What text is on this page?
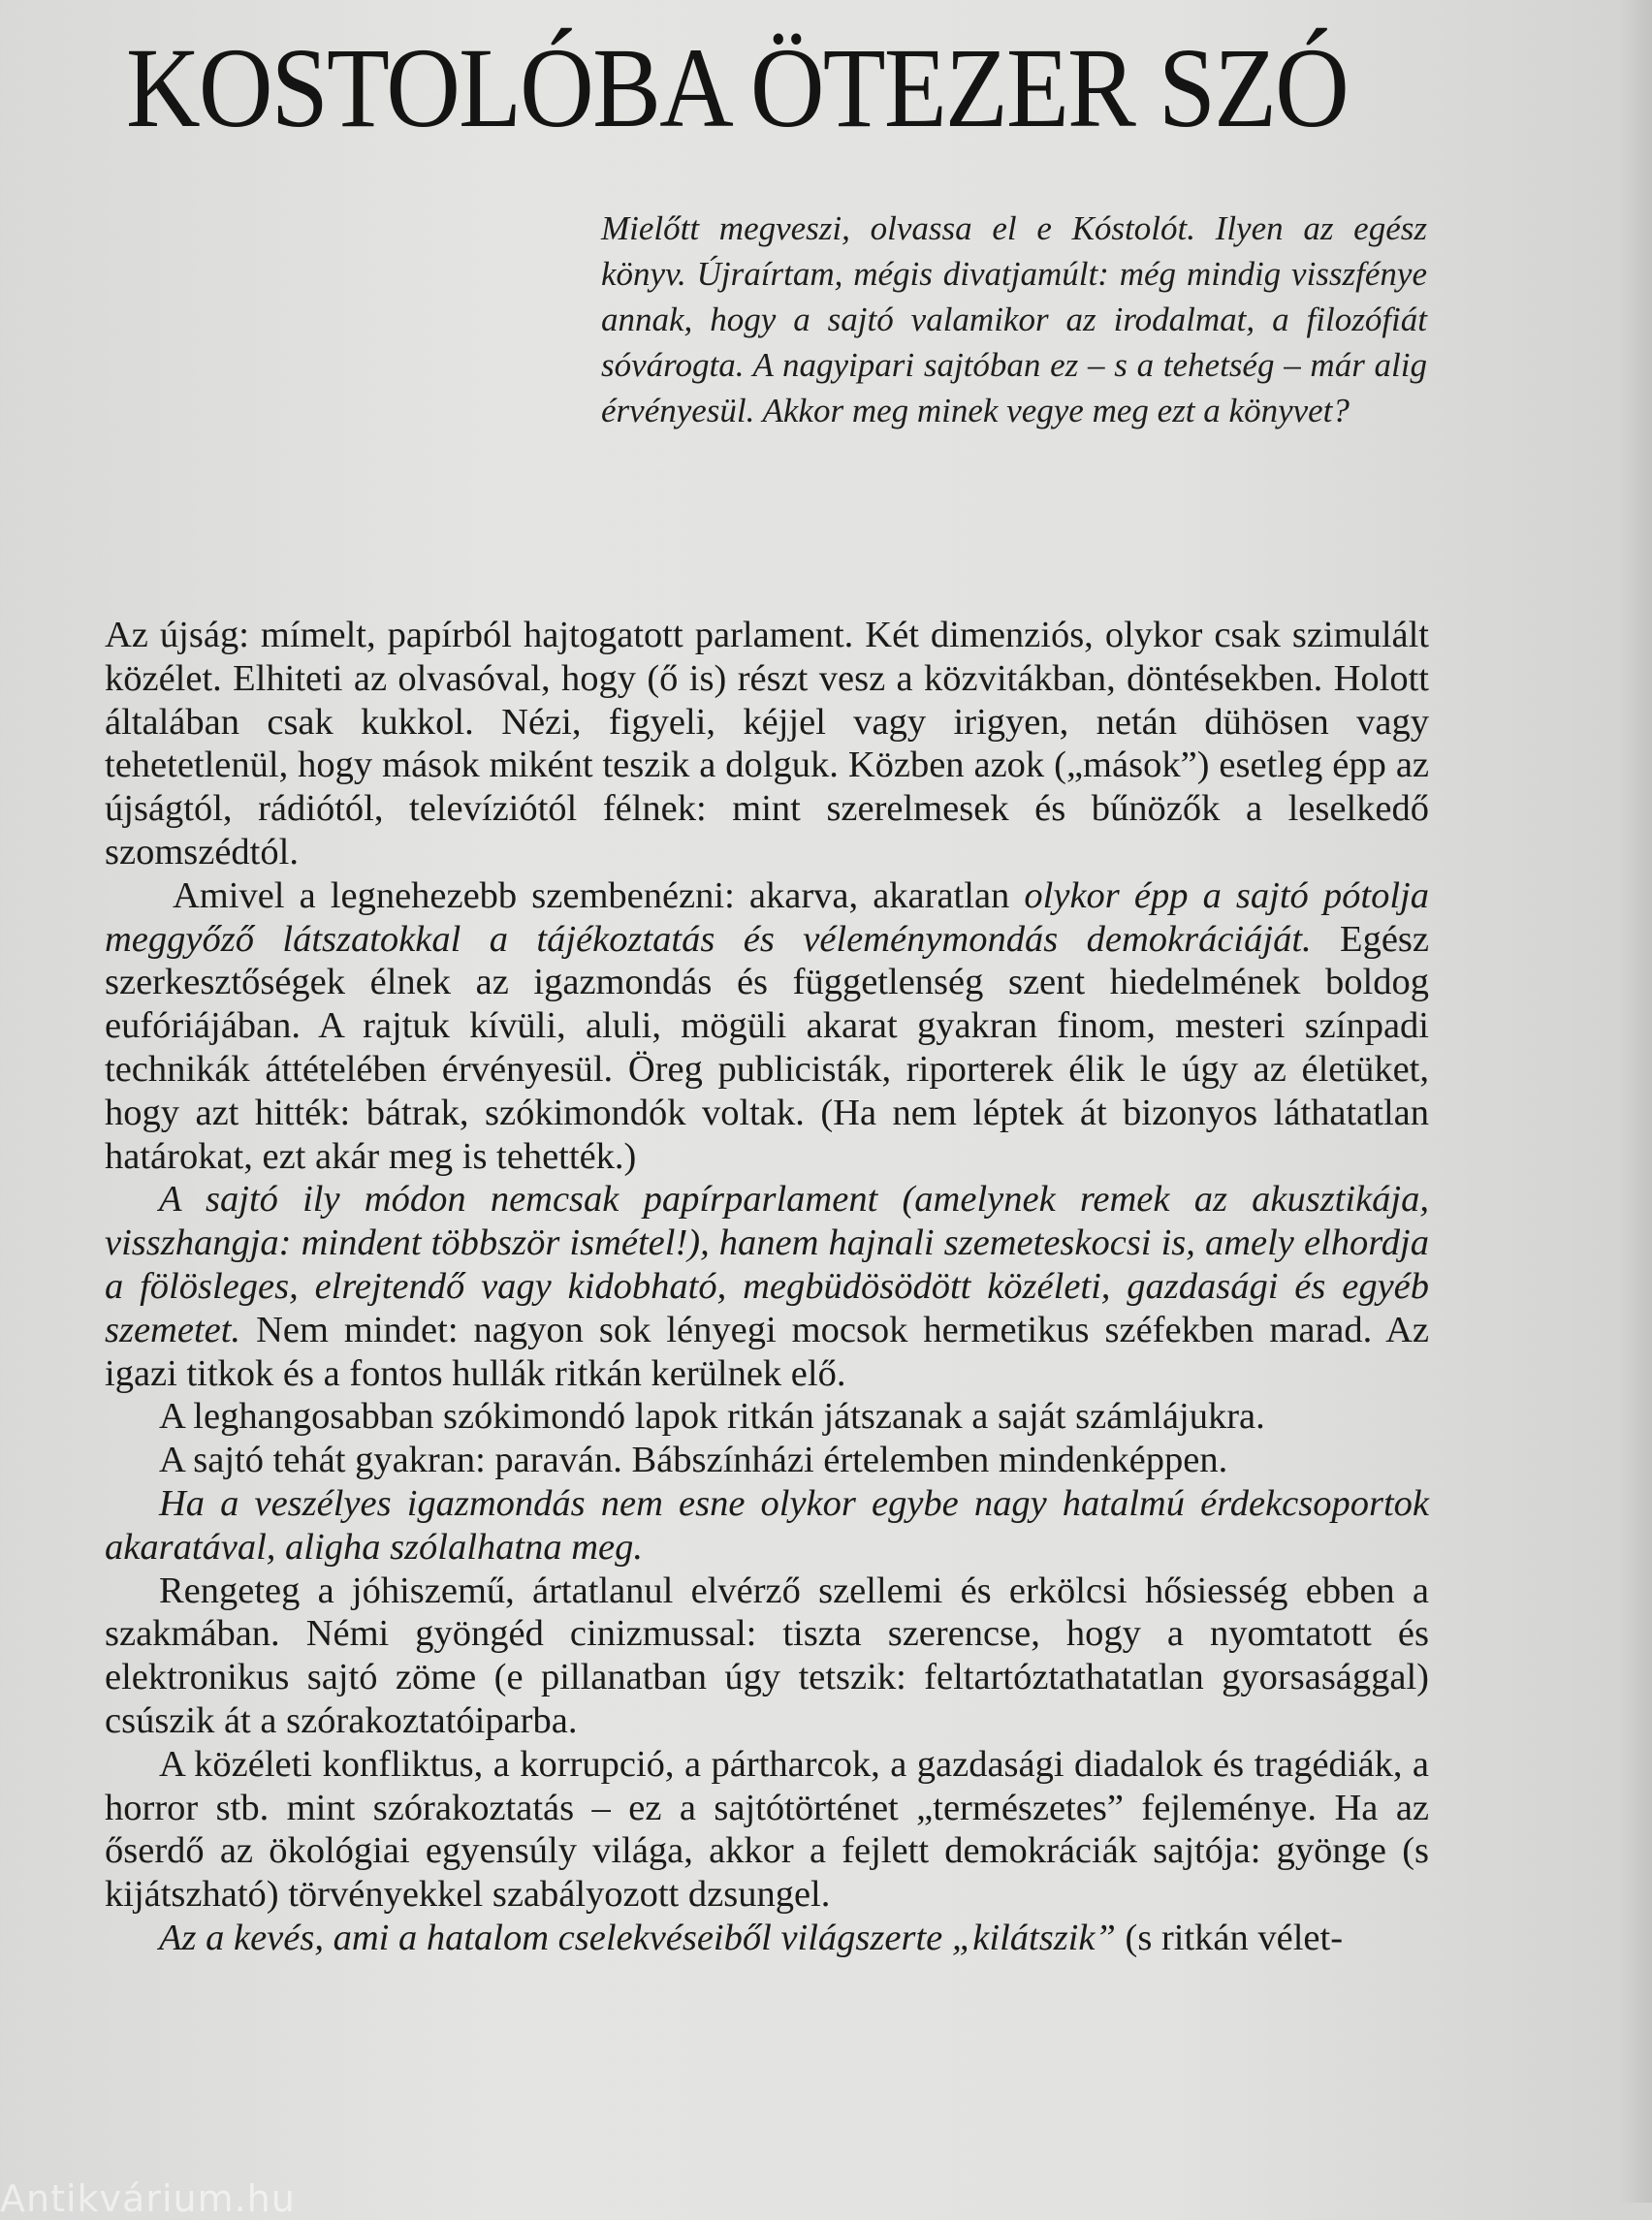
KOSTOLÓBA ÖTEZER SZÓ

Mielőtt megveszi, olvassa el e Kóstolót. Ilyen az egész könyv. Újraírtam, mégis divatjamúlt: még mindig visszfénye annak, hogy a sajtó valamikor az irodalmat, a filozófiát sóvárogta. A nagyipari sajtóban ez – s a tehetség – már alig érvényesül. Akkor meg minek vegye meg ezt a könyvet?

Az újság: mímelt, papírból hajtogatott parlament. Két dimenziós, olykor csak szimulált közélet. Elhiteti az olvasóval, hogy (ő is) részt vesz a közvitákban, döntésekben. Holott általában csak kukkol. Nézi, figyeli, kéjjel vagy irigyen, netán dühösen vagy tehetetlenül, hogy mások miként teszik a dolguk. Közben azok („mások”) esetleg épp az újságtól, rádiótól, televíziótól félnek: mint szerelmesek és bűnözők a leselkedő szomszédtól.

Amivel a legnehezebb szembenézni: akarva, akaratlan olykor épp a sajtó pótolja meggyőző látszatokkal a tájékoztatás és véleménymondás demokráciáját. Egész szerkesztőségek élnek az igazmondás és függetlenség szent hiedelmének boldog eufóriájában. A rajtuk kívüli, aluli, mögüli akarat gyakran finom, mesteri színpadi technikák áttételében érvényesül. Öreg publicisták, riporterek élik le úgy az életüket, hogy azt hitték: bátrak, szókimondók voltak. (Ha nem léptek át bizonyos láthatatlan határokat, ezt akár meg is tehették.)

A sajtó ily módon nemcsak papírparlament (amelynek remek az akusztikája, visszhangja: mindent többször ismétel!), hanem hajnali szemeteskocsi is, amely elhordja a fölösleges, elrejtendő vagy kidobható, megbüdösödött közéleti, gazdasági és egyéb szemetet. Nem mindet: nagyon sok lényegi mocsok hermetikus széfekben marad. Az igazi titkok és a fontos hullák ritkán kerülnek elő.

A leghangosabban szókimondó lapok ritkán játszanak a saját számlájukra.

A sajtó tehát gyakran: paraván. Bábszínházi értelemben mindenképpen.

Ha a veszélyes igazmondás nem esne olykor egybe nagy hatalmú érdekcsoportok akaratával, aligha szólalhatna meg.

Rengeteg a jóhiszemű, ártatlanul elvérző szellemi és erkölcsi hősiesség ebben a szakmában. Némi gyöngéd cinizmussal: tiszta szerencse, hogy a nyomtatott és elektronikus sajtó zöme (e pillanatban úgy tetszik: feltartóztathatatlan gyorsasággal) csúszik át a szórakoztatóiparba.

A közéleti konfliktus, a korrupció, a pártharcok, a gazdasági diadalok és tragédiák, a horror stb. mint szórakoztatás – ez a sajtótörténet „természetes” fejleménye. Ha az őserdő az ökológiai egyensúly világa, akkor a fejlett demokráciák sajtója: gyönge (s kijátszható) törvényekkel szabályozott dzsungel.

Az a kevés, ami a hatalom cselekvéseiből világszerte „kilátszik” (s ritkán vélet-

Antikvárium.hu
